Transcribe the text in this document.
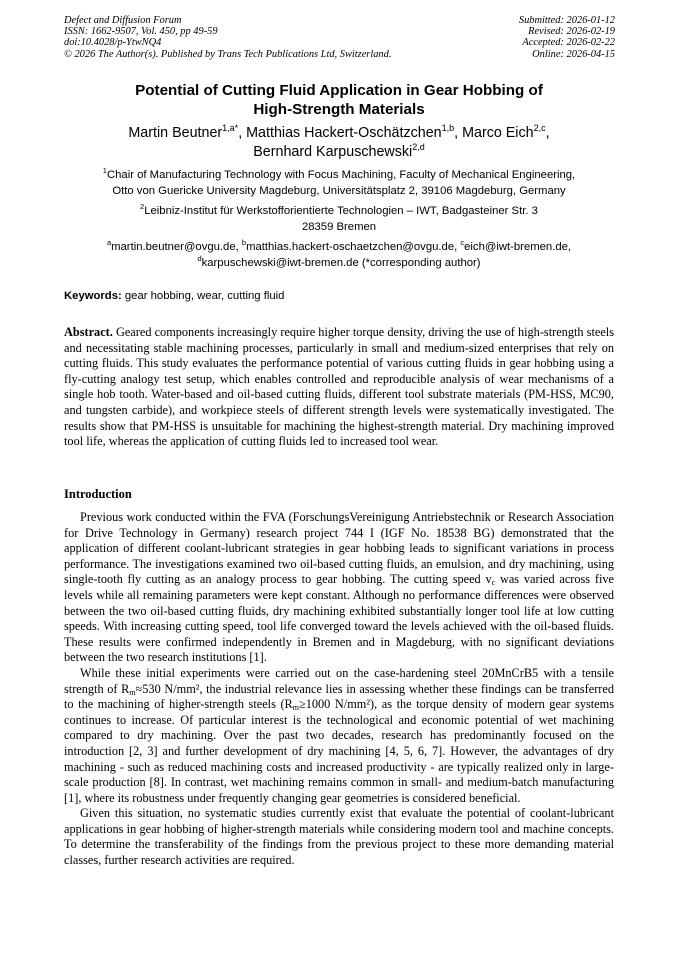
Defect and Diffusion Forum
ISSN: 1662-9507, Vol. 450, pp 49-59
doi:10.4028/p-YtwNQ4
© 2026 The Author(s). Published by Trans Tech Publications Ltd, Switzerland.
Submitted: 2026-01-12
Revised: 2026-02-19
Accepted: 2026-02-22
Online: 2026-04-15
Potential of Cutting Fluid Application in Gear Hobbing of
High-Strength Materials
Martin Beutner$^{1,a*}$, Matthias Hackert-Oschätzchen$^{1,b}$, Marco Eich$^{2,c}$,
Bernhard Karpuschewski$^{2,d}$
$^1$Chair of Manufacturing Technology with Focus Machining, Faculty of Mechanical Engineering,
Otto von Guericke University Magdeburg, Universitätsplatz 2, 39106 Magdeburg, Germany
$^2$Leibniz-Institut für Werkstofforientierte Technologien – IWT, Badgasteiner Str. 3
28359 Bremen
$^a$martin.beutner@ovgu.de, $^b$matthias.hackert-oschaetzchen@ovgu.de, $^c$eich@iwt-bremen.de,
$^d$karpuschewski@iwt-bremen.de (*corresponding author)
Keywords: gear hobbing, wear, cutting fluid

Abstract. Geared components increasingly require higher torque density, driving the use of high-strength steels and necessitating stable machining processes, particularly in small and medium-sized enterprises that rely on cutting fluids. This study evaluates the performance potential of various cutting fluids in gear hobbing using a fly-cutting analogy test setup, which enables controlled and reproducible analysis of wear mechanisms of a single hob tooth. Water-based and oil-based cutting fluids, different tool substrate materials (PM-HSS, MC90, and tungsten carbide), and workpiece steels of different strength levels were systematically investigated. The results show that PM-HSS is unsuitable for machining the highest-strength material. Dry machining improved tool life, whereas the application of cutting fluids led to increased tool wear.

Introduction

Previous work conducted within the FVA (ForschungsVereinigung Antriebstechnik or Research Association for Drive Technology in Germany) research project 744 I (IGF No. 18538 BG) demonstrated that the application of different coolant-lubricant strategies in gear hobbing leads to significant variations in process performance. The investigations examined two oil-based cutting fluids, an emulsion, and dry machining, using single-tooth fly cutting as an analogy process to gear hobbing. The cutting speed $v_c$ was varied across five levels while all remaining parameters were kept constant. Although no performance differences were observed between the two oil-based cutting fluids, dry machining exhibited substantially longer tool life at low cutting speeds. With increasing cutting speed, tool life converged toward the levels achieved with the oil-based fluids. These results were confirmed independently in Bremen and in Magdeburg, with no significant deviations between the two research institutions [1].

While these initial experiments were carried out on the case-hardening steel 20MnCrB5 with a tensile strength of $R_m\approx 530$ N/mm², the industrial relevance lies in assessing whether these findings can be transferred to the machining of higher-strength steels ($R_m\ge 1000$ N/mm²), as the torque density of modern gear systems continues to increase. Of particular interest is the technological and economic potential of wet machining compared to dry machining. Over the past two decades, research has predominantly focused on the introduction [2, 3] and further development of dry machining [4, 5, 6, 7]. However, the advantages of dry machining - such as reduced machining costs and increased productivity - are typically realized only in large-scale production [8]. In contrast, wet machining remains common in small- and medium-batch manufacturing [1], where its robustness under frequently changing gear geometries is considered beneficial.

Given this situation, no systematic studies currently exist that evaluate the potential of coolant-lubricant applications in gear hobbing of higher-strength materials while considering modern tool and machine concepts. To determine the transferability of the findings from the previous project to these more demanding material classes, further research activities are required.
